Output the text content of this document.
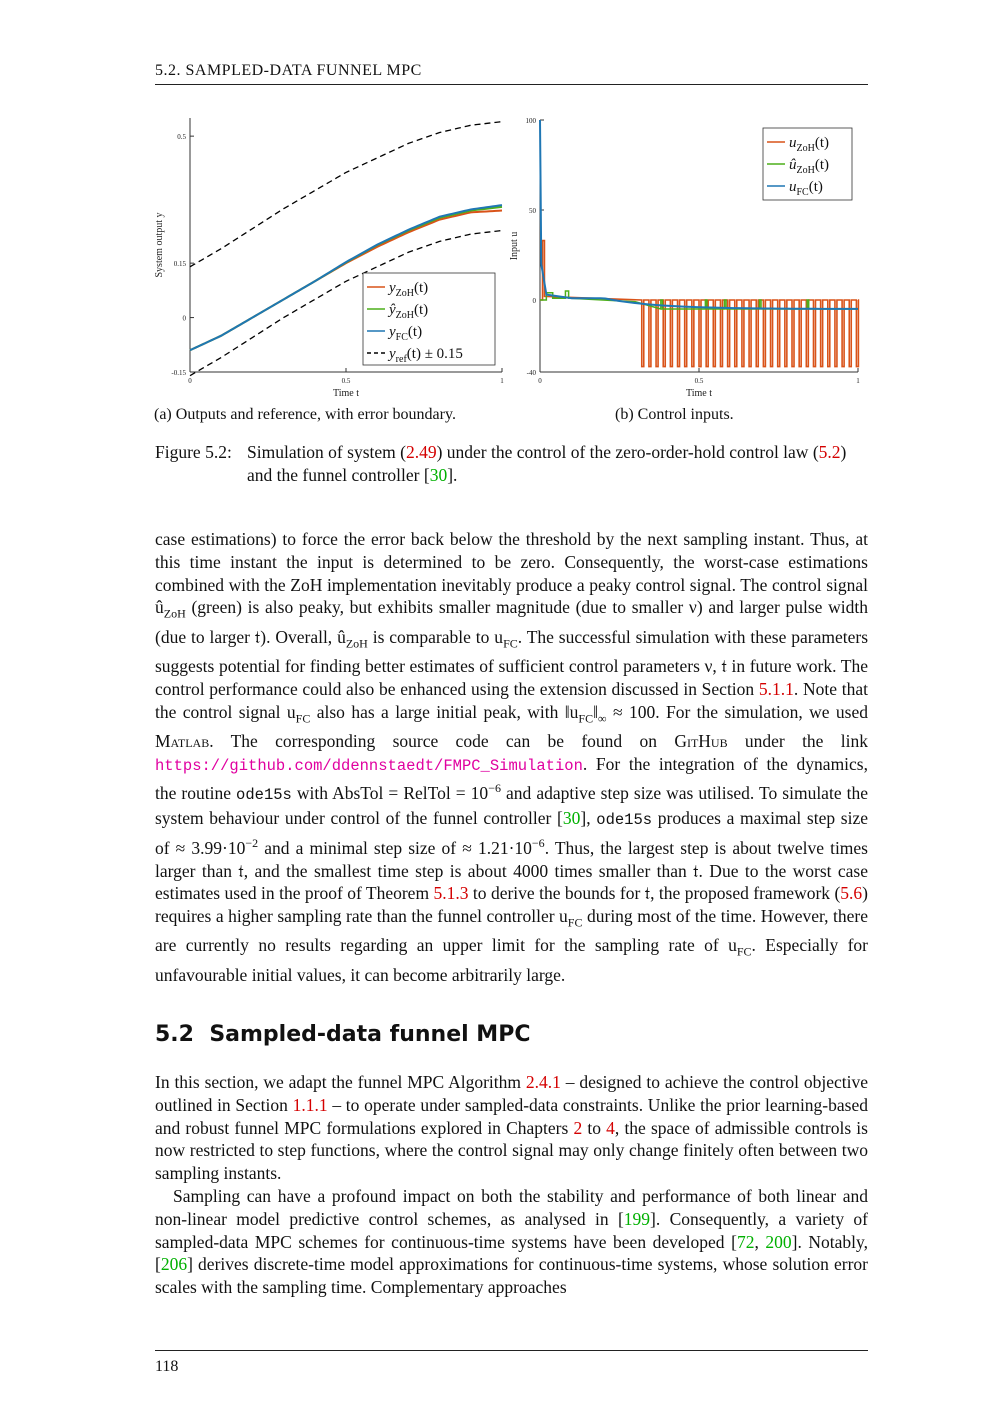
5.2. SAMPLED-DATA FUNNEL MPC
0	0.5	1
-0.15
0
0.15
0.5
Time t
System output y
$y_{ZoH}(t)$
$ŷ_{ZoH}(t)$
$y_{FC}(t)$
$y_{ref}(t) \pm 0.15$
0	0.5	1
-40
0
50
100
Time t
Input u
$u_{ZoH}(t)$
$û_{ZoH}(t)$
$u_{FC}(t)$
(a) Outputs and reference, with error boundary.	(b) Control inputs.
Figure 5.2: Simulation of system (2.49) under the control of the zero-order-hold control law (5.2) and the funnel controller [30].

case estimations) to force the error back below the threshold by the next sampling instant. Thus, at this time instant the input is determined to be zero. Consequently, the worst-case estimations combined with the ZoH implementation inevitably produce a peaky control signal. The control signal $û_{ZoH}$ (green) is also peaky, but exhibits smaller magnitude (due to smaller ν) and larger pulse width (due to larger 𝔱). Overall, $û_{ZoH}$ is comparable to $u_{FC}$. The successful simulation with these parameters suggests potential for finding better estimates of sufficient control parameters ν, 𝔱 in future work. The control performance could also be enhanced using the extension discussed in Section 5.1.1. Note that the control signal $u_{FC}$ also has a large initial peak, with $‖u_{FC}‖_\infty \approx 100$. For the simulation, we used Matlab. The corresponding source code can be found on GitHub under the link https://github.com/ddennstaedt/FMPC_Simulation. For the integration of the dynamics, the routine ode15s with AbsTol = RelTol = $10^{-6}$ and adaptive step size was utilised. To simulate the system behaviour under control of the funnel controller [30], ode15s produces a maximal step size of ≈ $3.99\cdot 10^{-2}$ and a minimal step size of ≈ $1.21\cdot 10^{-6}$. Thus, the largest step is about twelve times larger than 𝔱, and the smallest time step is about 4000 times smaller than 𝔱. Due to the worst case estimates used in the proof of Theorem 5.1.3 to derive the bounds for 𝔱, the proposed framework (5.6) requires a higher sampling rate than the funnel controller $u_{FC}$ during most of the time. However, there are currently no results regarding an upper limit for the sampling rate of $u_{FC}$. Especially for unfavourable initial values, it can become arbitrarily large.

5.2 Sampled-data funnel MPC

In this section, we adapt the funnel MPC Algorithm 2.4.1 – designed to achieve the control objective outlined in Section 1.1.1 – to operate under sampled-data constraints. Unlike the prior learning-based and robust funnel MPC formulations explored in Chapters 2 to 4, the space of admissible controls is now restricted to step functions, where the control signal may only change finitely often between two sampling instants.

Sampling can have a profound impact on both the stability and performance of both linear and non-linear model predictive control schemes, as analysed in [199]. Consequently, a variety of sampled-data MPC schemes for continuous-time systems have been developed [72, 200]. Notably, [206] derives discrete-time model approximations for continuous-time systems, whose solution error scales with the sampling time. Complementary approaches

118
